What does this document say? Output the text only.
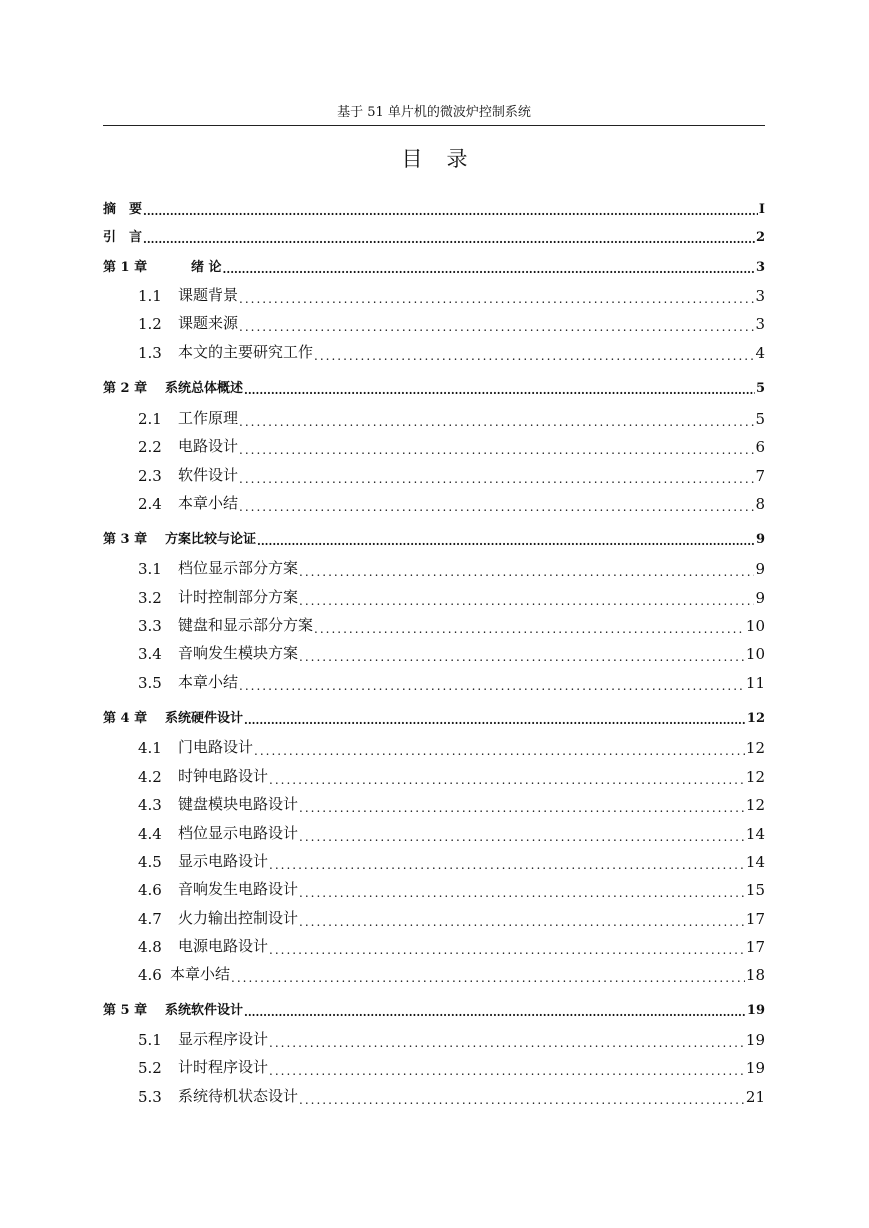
基于 51 单片机的微波炉控制系统
目录
摘　要 .....	I
引　言 .....	2
第 1 章	　　绪 论 .....	3
1.1	课题背景 .....	3
1.2	课题来源 .....	3
1.3	本文的主要研究工作 .....	4
第 2 章	系统总体概述 .....	5
2.1	工作原理 .....	5
2.2	电路设计 .....	6
2.3	软件设计 .....	7
2.4	本章小结 .....	8
第 3 章	方案比较与论证 .....	9
3.1	档位显示部分方案 .....	9
3.2	计时控制部分方案 .....	9
3.3	键盘和显示部分方案 .....	10
3.4	音响发生模块方案 .....	10
3.5	本章小结 .....	11
第 4 章	系统硬件设计 .....	12
4.1	门电路设计 .....	12
4.2	时钟电路设计 .....	12
4.3	键盘模块电路设计 .....	12
4.4	档位显示电路设计 .....	14
4.5	显示电路设计 .....	14
4.6	音响发生电路设计 .....	15
4.7	火力输出控制设计 .....	17
4.8	电源电路设计 .....	17
4.6 本章小结 .....	18
第 5 章	系统软件设计 .....	19
5.1	显示程序设计 .....	19
5.2	计时程序设计 .....	19
5.3	系统待机状态设计 .....	21
